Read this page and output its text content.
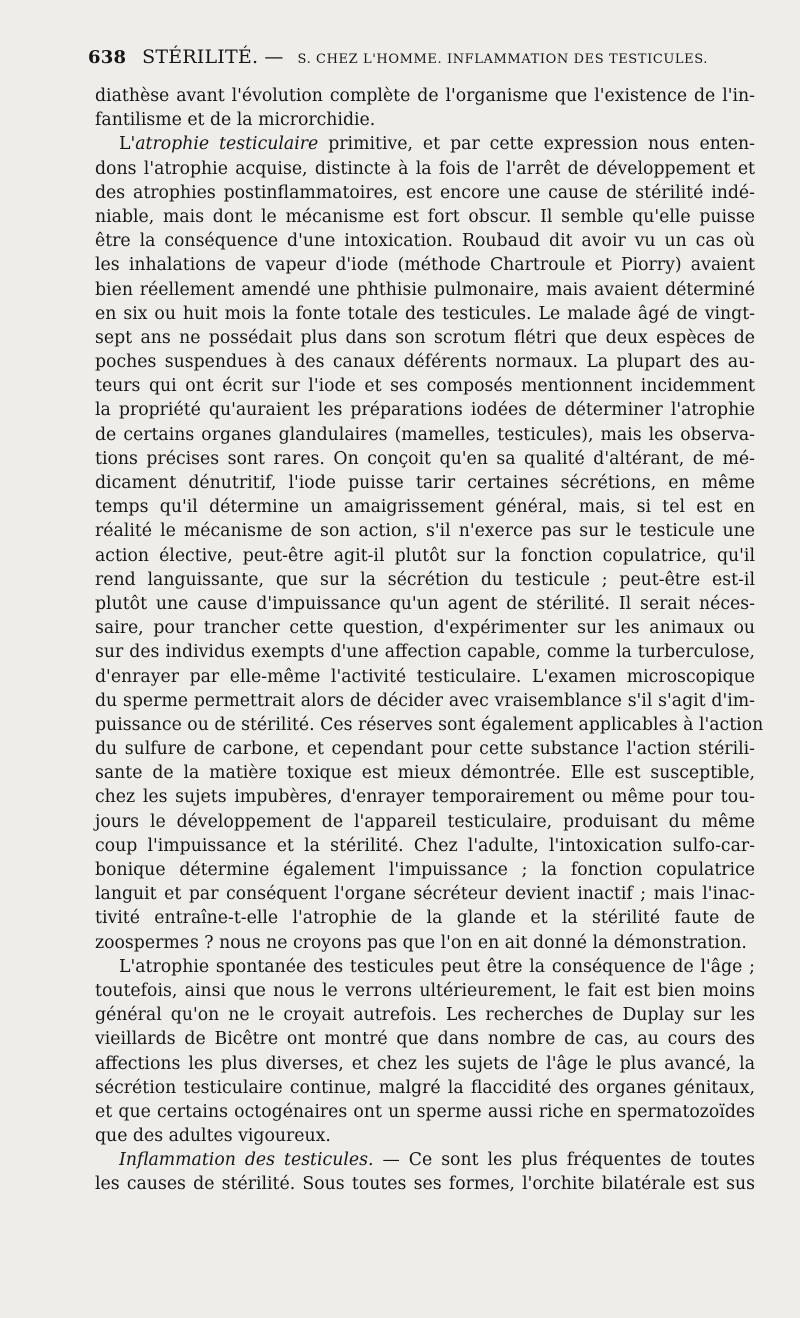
638 STÉRILITÉ. — S. CHEZ L'HOMME. INFLAMMATION DES TESTICULES.
diathèse avant l'évolution complète de l'organisme que l'existence de l'in-
fantilisme et de la microrchidie.
L'atrophie testiculaire primitive, et par cette expression nous enten-
dons l'atrophie acquise, distincte à la fois de l'arrêt de développement et
des atrophies postinflammatoires, est encore une cause de stérilité indé-
niable, mais dont le mécanisme est fort obscur. Il semble qu'elle puisse
être la conséquence d'une intoxication. Roubaud dit avoir vu un cas où
les inhalations de vapeur d'iode (méthode Chartroule et Piorry) avaient
bien réellement amendé une phthisie pulmonaire, mais avaient déterminé
en six ou huit mois la fonte totale des testicules. Le malade âgé de vingt-
sept ans ne possédait plus dans son scrotum flétri que deux espèces de
poches suspendues à des canaux déférents normaux. La plupart des au-
teurs qui ont écrit sur l'iode et ses composés mentionnent incidemment
la propriété qu'auraient les préparations iodées de déterminer l'atrophie
de certains organes glandulaires (mamelles, testicules), mais les observa-
tions précises sont rares. On conçoit qu'en sa qualité d'altérant, de mé-
dicament dénutritif, l'iode puisse tarir certaines sécrétions, en même
temps qu'il détermine un amaigrissement général, mais, si tel est en
réalité le mécanisme de son action, s'il n'exerce pas sur le testicule une
action élective, peut-être agit-il plutôt sur la fonction copulatrice, qu'il
rend languissante, que sur la sécrétion du testicule ; peut-être est-il
plutôt une cause d'impuissance qu'un agent de stérilité. Il serait néces-
saire, pour trancher cette question, d'expérimenter sur les animaux ou
sur des individus exempts d'une affection capable, comme la turberculose,
d'enrayer par elle-même l'activité testiculaire. L'examen microscopique
du sperme permettrait alors de décider avec vraisemblance s'il s'agit d'im-
puissance ou de stérilité. Ces réserves sont également applicables à l'action
du sulfure de carbone, et cependant pour cette substance l'action stérili-
sante de la matière toxique est mieux démontrée. Elle est susceptible,
chez les sujets impubères, d'enrayer temporairement ou même pour tou-
jours le développement de l'appareil testiculaire, produisant du même
coup l'impuissance et la stérilité. Chez l'adulte, l'intoxication sulfo-car-
bonique détermine également l'impuissance ; la fonction copulatrice
languit et par conséquent l'organe sécréteur devient inactif ; mais l'inac-
tivité entraîne-t-elle l'atrophie de la glande et la stérilité faute de
zoospermes ? nous ne croyons pas que l'on en ait donné la démonstration.
L'atrophie spontanée des testicules peut être la conséquence de l'âge ;
toutefois, ainsi que nous le verrons ultérieurement, le fait est bien moins
général qu'on ne le croyait autrefois. Les recherches de Duplay sur les
vieillards de Bicêtre ont montré que dans nombre de cas, au cours des
affections les plus diverses, et chez les sujets de l'âge le plus avancé, la
sécrétion testiculaire continue, malgré la flaccidité des organes génitaux,
et que certains octogénaires ont un sperme aussi riche en spermatozoïdes
que des adultes vigoureux.
Inflammation des testicules. — Ce sont les plus fréquentes de toutes
les causes de stérilité. Sous toutes ses formes, l'orchite bilatérale est sus
